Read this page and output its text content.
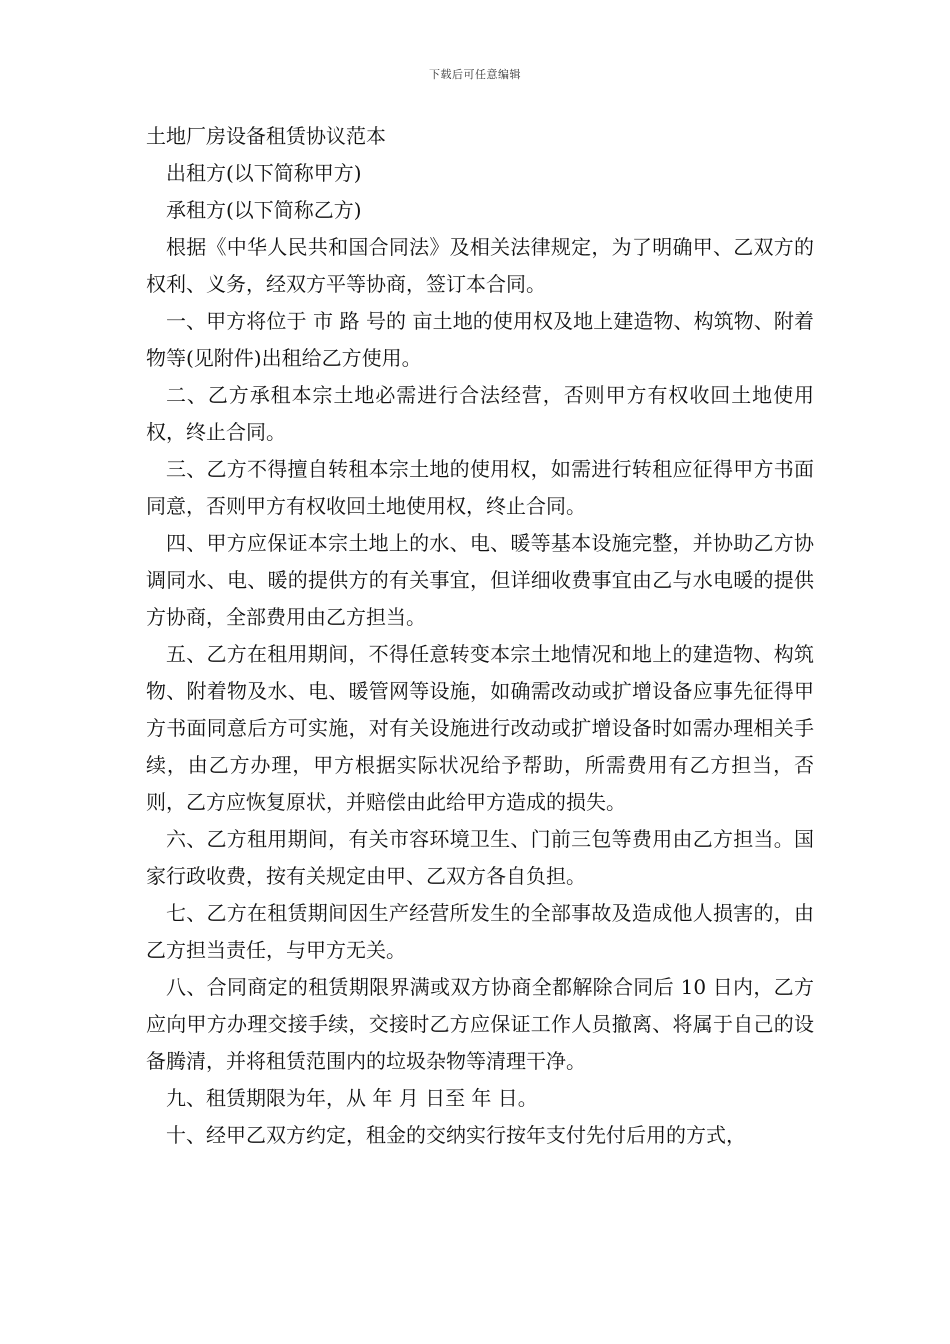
下载后可任意编辑

土地厂房设备租赁协议范本

出租方(以下简称甲方)

承租方(以下简称乙方)

根据《中华人民共和国合同法》及相关法律规定，为了明确甲、乙双方的权利、义务，经双方平等协商，签订本合同。

一、甲方将位于 市 路 号的 亩土地的使用权及地上建造物、构筑物、附着物等(见附件)出租给乙方使用。

二、乙方承租本宗土地必需进行合法经营，否则甲方有权收回土地使用权，终止合同。

三、乙方不得擅自转租本宗土地的使用权，如需进行转租应征得甲方书面同意，否则甲方有权收回土地使用权，终止合同。

四、甲方应保证本宗土地上的水、电、暖等基本设施完整，并协助乙方协调同水、电、暖的提供方的有关事宜，但详细收费事宜由乙与水电暖的提供方协商，全部费用由乙方担当。

五、乙方在租用期间，不得任意转变本宗土地情况和地上的建造物、构筑物、附着物及水、电、暖管网等设施，如确需改动或扩增设备应事先征得甲方书面同意后方可实施，对有关设施进行改动或扩增设备时如需办理相关手续，由乙方办理，甲方根据实际状况给予帮助，所需费用有乙方担当，否则，乙方应恢复原状，并赔偿由此给甲方造成的损失。

六、乙方租用期间，有关市容环境卫生、门前三包等费用由乙方担当。国家行政收费，按有关规定由甲、乙双方各自负担。

七、乙方在租赁期间因生产经营所发生的全部事故及造成他人损害的，由乙方担当责任，与甲方无关。

八、合同商定的租赁期限界满或双方协商全都解除合同后 10 日内，乙方应向甲方办理交接手续，交接时乙方应保证工作人员撤离、将属于自己的设备腾清，并将租赁范围内的垃圾杂物等清理干净。

九、租赁期限为年，从 年 月 日至 年 日。

十、经甲乙双方约定，租金的交纳实行按年支付先付后用的方式，
